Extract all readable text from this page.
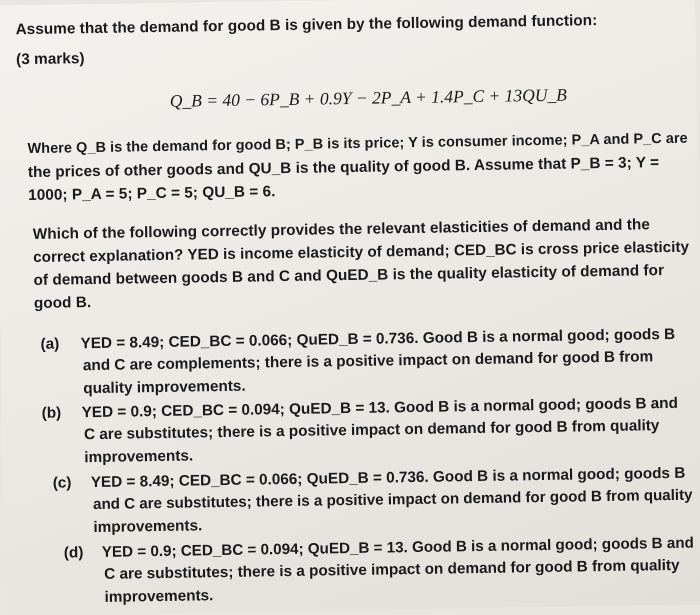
Assume that the demand for good B is given by the following demand function:
(3 marks)
Q_B = 40 − 6P_B + 0.9Y − 2P_A + 1.4P_C + 13QU_B
Where Q_B is the demand for good B; P_B is its price; Y is consumer income; P_A and P_C are
the prices of other goods and QU_B is the quality of good B. Assume that P_B = 3; Y =
1000; P_A = 5; P_C = 5; QU_B = 6.
Which of the following correctly provides the relevant elasticities of demand and the
correct explanation? YED is income elasticity of demand; CED_BC is cross price elasticity
of demand between goods B and C and QuED_B is the quality elasticity of demand for
good B.
(a) YED = 8.49; CED_BC = 0.066; QuED_B = 0.736. Good B is a normal good; goods B
and C are complements; there is a positive impact on demand for good B from
quality improvements.
(b) YED = 0.9; CED_BC = 0.094; QuED_B = 13. Good B is a normal good; goods B and
C are substitutes; there is a positive impact on demand for good B from quality
improvements.
(c) YED = 8.49; CED_BC = 0.066; QuED_B = 0.736. Good B is a normal good; goods B
and C are substitutes; there is a positive impact on demand for good B from quality
improvements.
(d) YED = 0.9; CED_BC = 0.094; QuED_B = 13. Good B is a normal good; goods B and
C are substitutes; there is a positive impact on demand for good B from quality
improvements.
